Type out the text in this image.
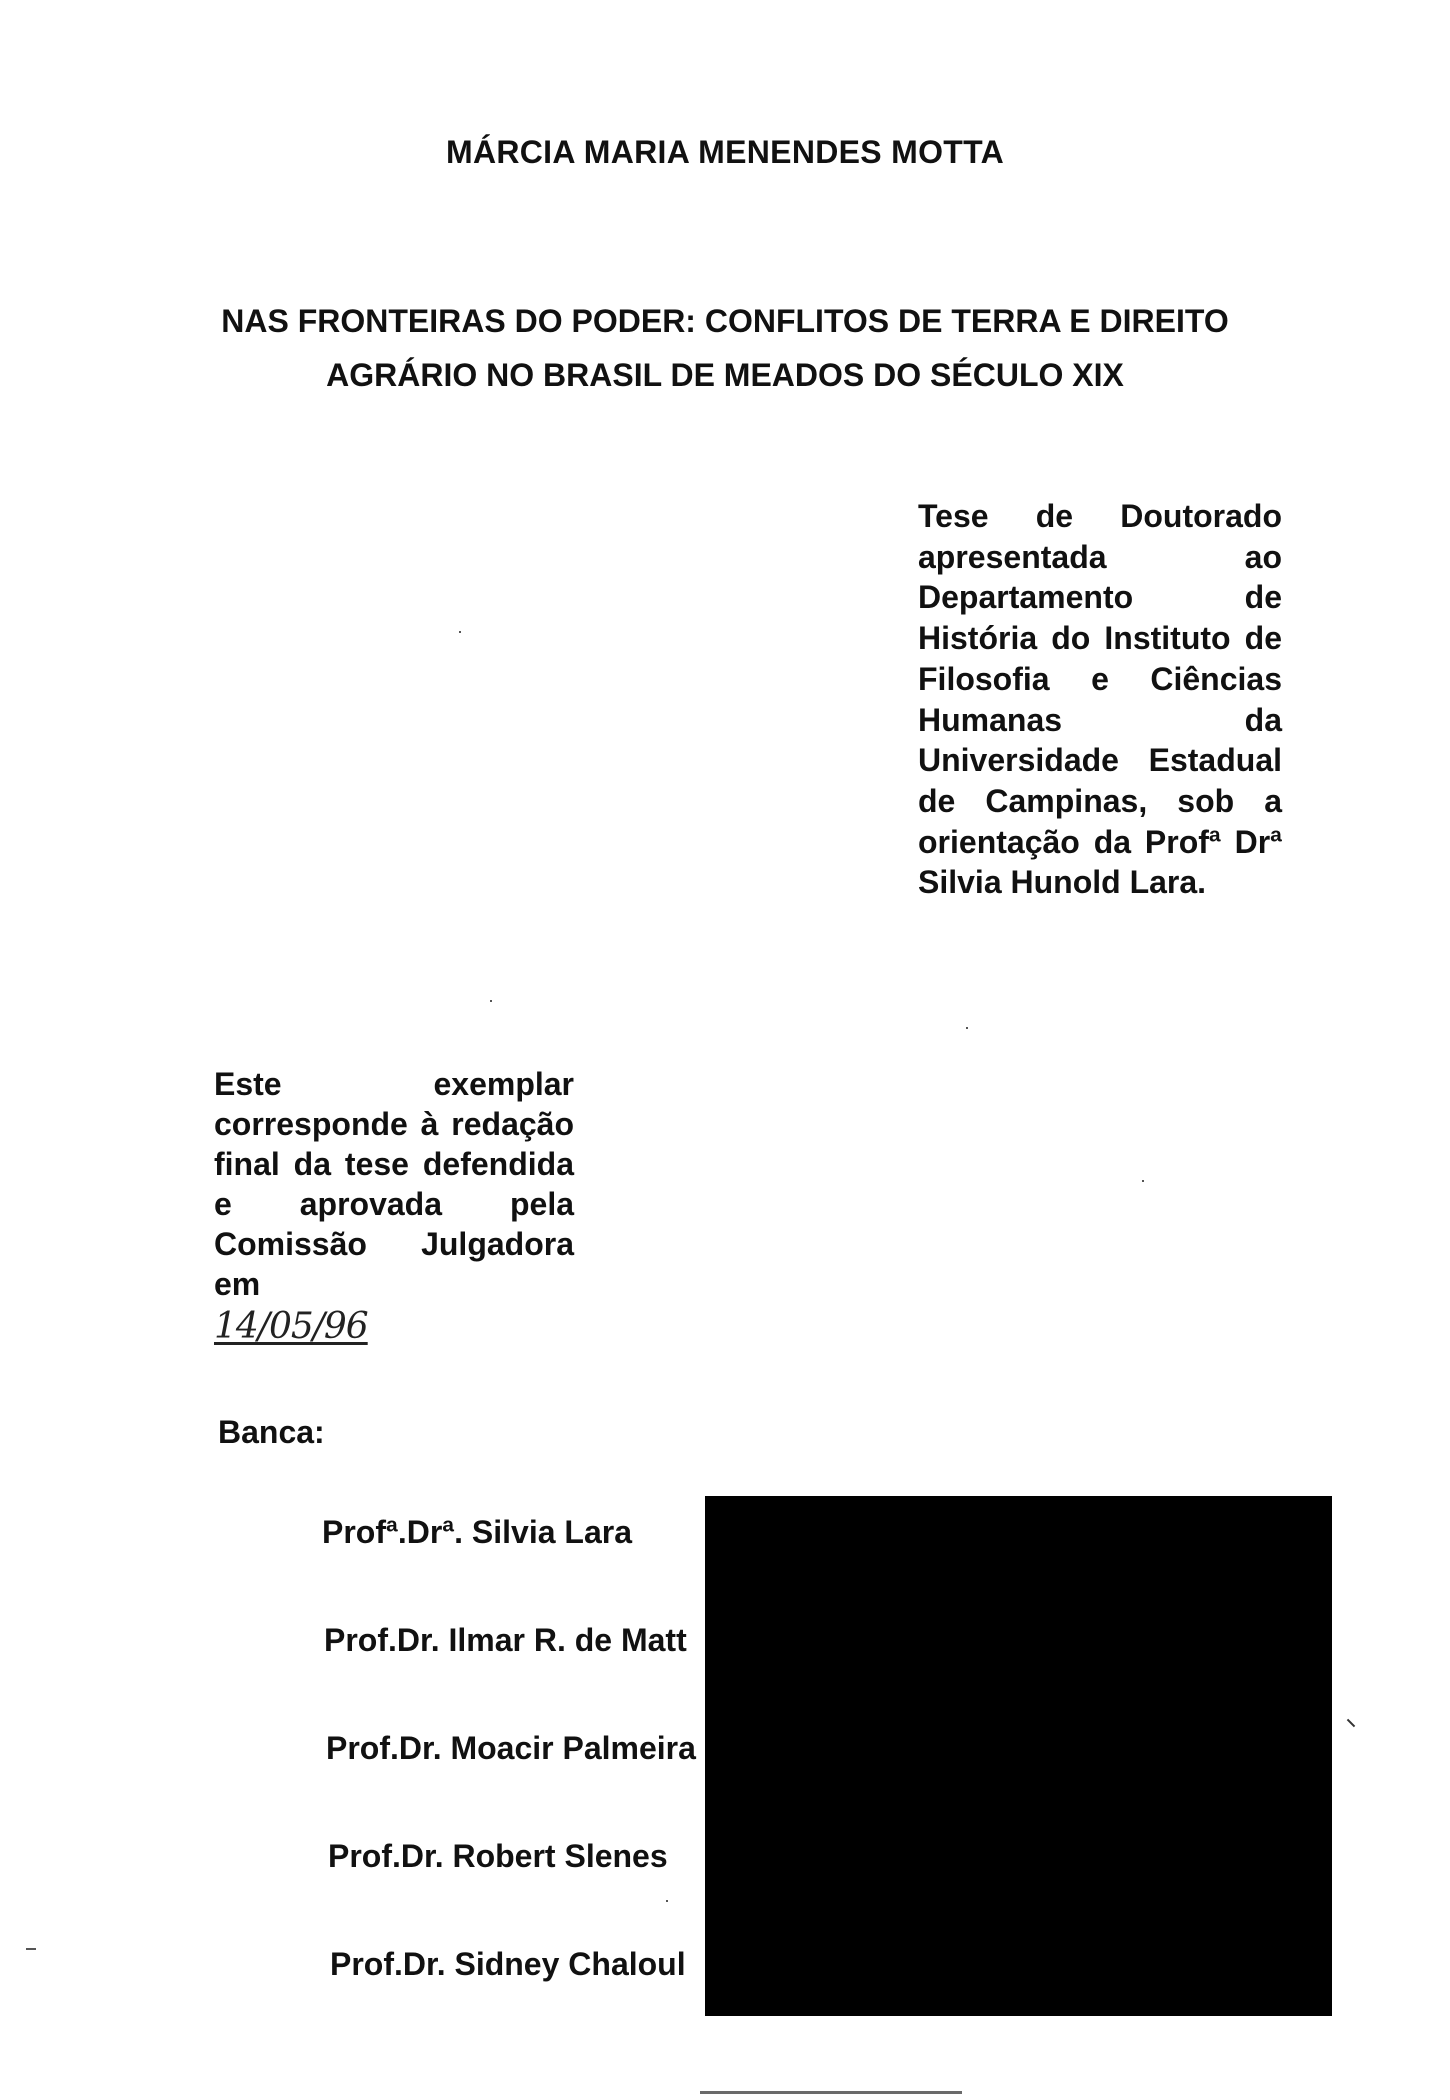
MÁRCIA MARIA MENENDES MOTTA
NAS FRONTEIRAS DO PODER: CONFLITOS DE TERRA E DIREITO
AGRÁRIO NO BRASIL DE MEADOS DO SÉCULO XIX

Tese de Doutorado apresentada ao Departamento de História do Instituto de Filosofia e Ciências Humanas da Universidade Estadual de Campinas, sob a orientação da Profª Drª Silvia Hunold Lara.

Este exemplar corresponde à redação final da tese defendida e aprovada pela Comissão Julgadora em

14/05/96
Banca:
Profª.Drª. Silvia Lara
Prof.Dr. Ilmar R. de Matt
Prof.Dr. Moacir Palmeira
Prof.Dr. Robert Slenes
Prof.Dr. Sidney Chaloul
